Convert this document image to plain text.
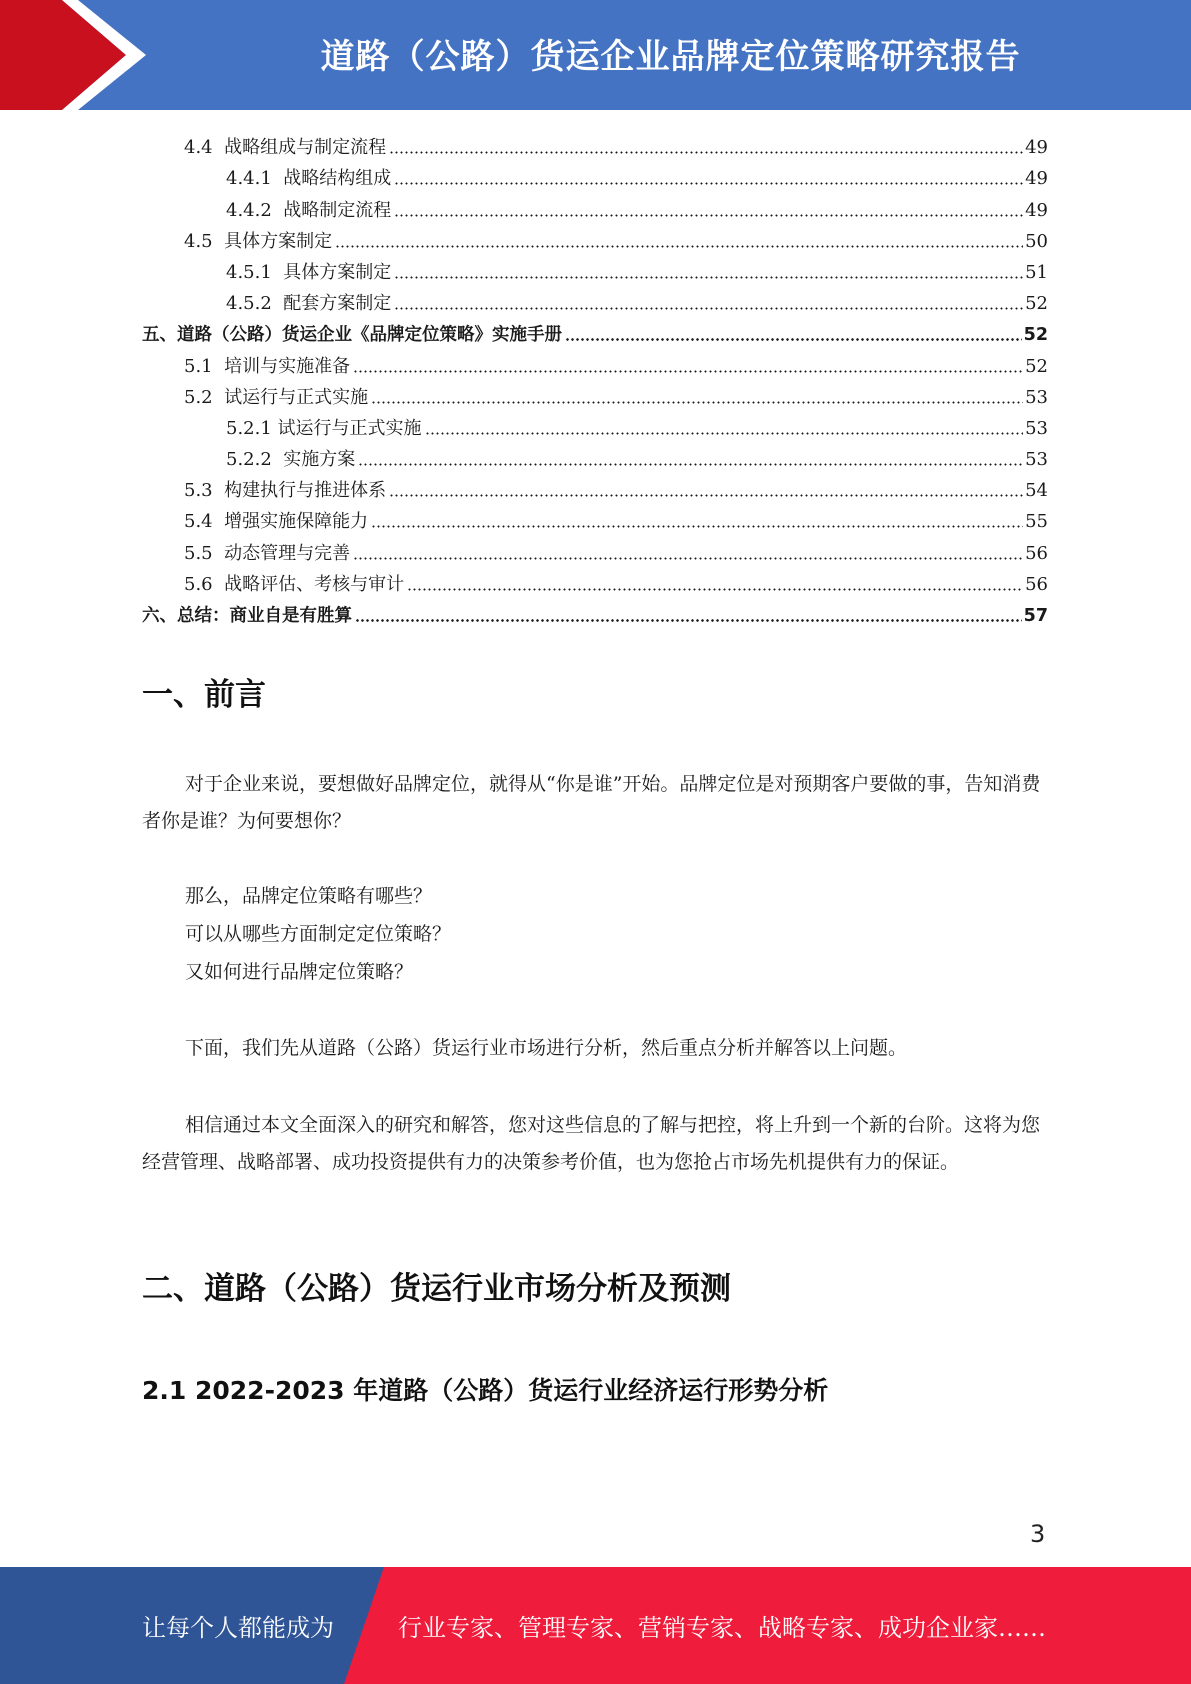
道路（公路）货运企业品牌定位策略研究报告
4.4  战略组成与制定流程	49
4.4.1  战略结构组成	49
4.4.2  战略制定流程	49
4.5  具体方案制定	50
4.5.1  具体方案制定	51
4.5.2  配套方案制定	52
五、道路（公路）货运企业《品牌定位策略》实施手册	52
5.1  培训与实施准备	52
5.2  试运行与正式实施	53
5.2.1 试运行与正式实施	53
5.2.2  实施方案	53
5.3  构建执行与推进体系	54
5.4  增强实施保障能力	55
5.5  动态管理与完善	56
5.6  战略评估、考核与审计	56
六、总结：商业自是有胜算	57
一、前言
对于企业来说，要想做好品牌定位，就得从“你是谁”开始。品牌定位是对预期客户要做的事，告知消费者你是谁？为何要想你？
那么，品牌定位策略有哪些？
可以从哪些方面制定定位策略？
又如何进行品牌定位策略？
下面，我们先从道路（公路）货运行业市场进行分析，然后重点分析并解答以上问题。
相信通过本文全面深入的研究和解答，您对这些信息的了解与把控，将上升到一个新的台阶。这将为您经营管理、战略部署、成功投资提供有力的决策参考价值，也为您抢占市场先机提供有力的保证。
二、道路（公路）货运行业市场分析及预测
2.1 2022-2023 年道路（公路）货运行业经济运行形势分析
3
让每个人都能成为	行业专家、管理专家、营销专家、战略专家、成功企业家……
